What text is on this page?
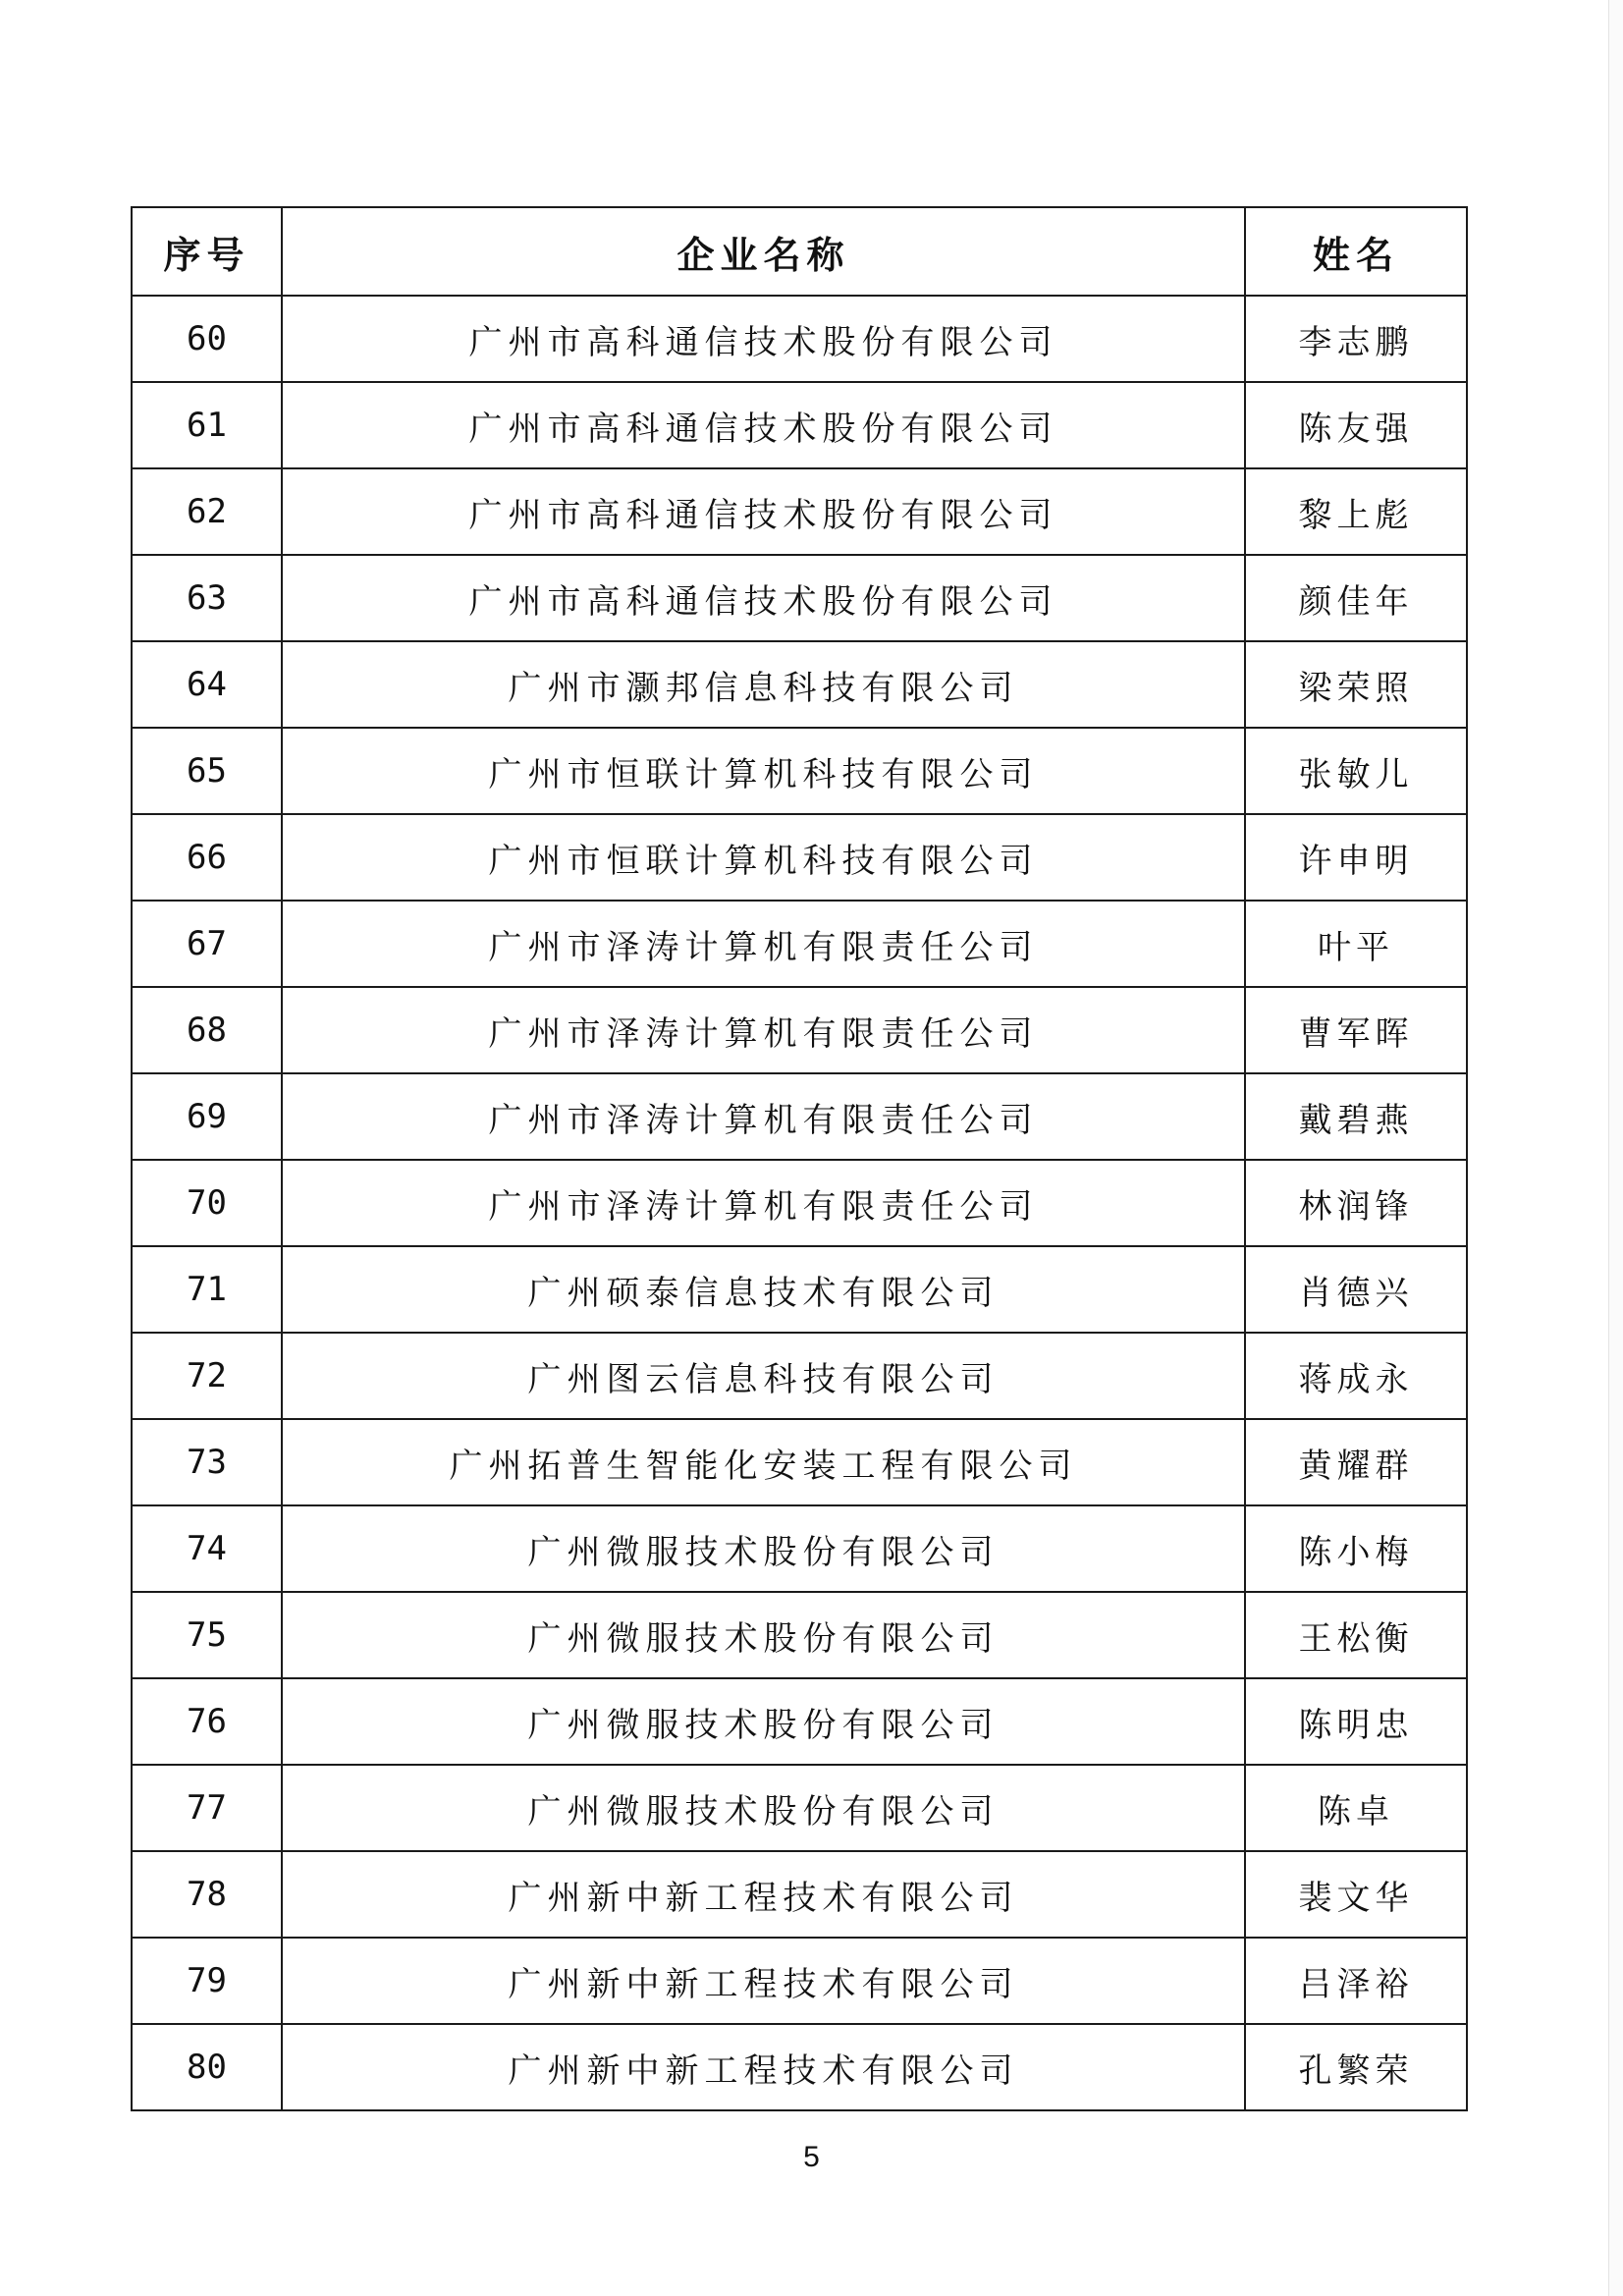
序号	企业名称	姓名
60	广州市高科通信技术股份有限公司	李志鹏
61	广州市高科通信技术股份有限公司	陈友强
62	广州市高科通信技术股份有限公司	黎上彪
63	广州市高科通信技术股份有限公司	颜佳年
64	广州市灏邦信息科技有限公司	梁荣照
65	广州市恒联计算机科技有限公司	张敏儿
66	广州市恒联计算机科技有限公司	许申明
67	广州市泽涛计算机有限责任公司	叶平
68	广州市泽涛计算机有限责任公司	曹军晖
69	广州市泽涛计算机有限责任公司	戴碧燕
70	广州市泽涛计算机有限责任公司	林润锋
71	广州硕泰信息技术有限公司	肖德兴
72	广州图云信息科技有限公司	蒋成永
73	广州拓普生智能化安装工程有限公司	黄耀群
74	广州微服技术股份有限公司	陈小梅
75	广州微服技术股份有限公司	王松衡
76	广州微服技术股份有限公司	陈明忠
77	广州微服技术股份有限公司	陈卓
78	广州新中新工程技术有限公司	裴文华
79	广州新中新工程技术有限公司	吕泽裕
80	广州新中新工程技术有限公司	孔繁荣
5
